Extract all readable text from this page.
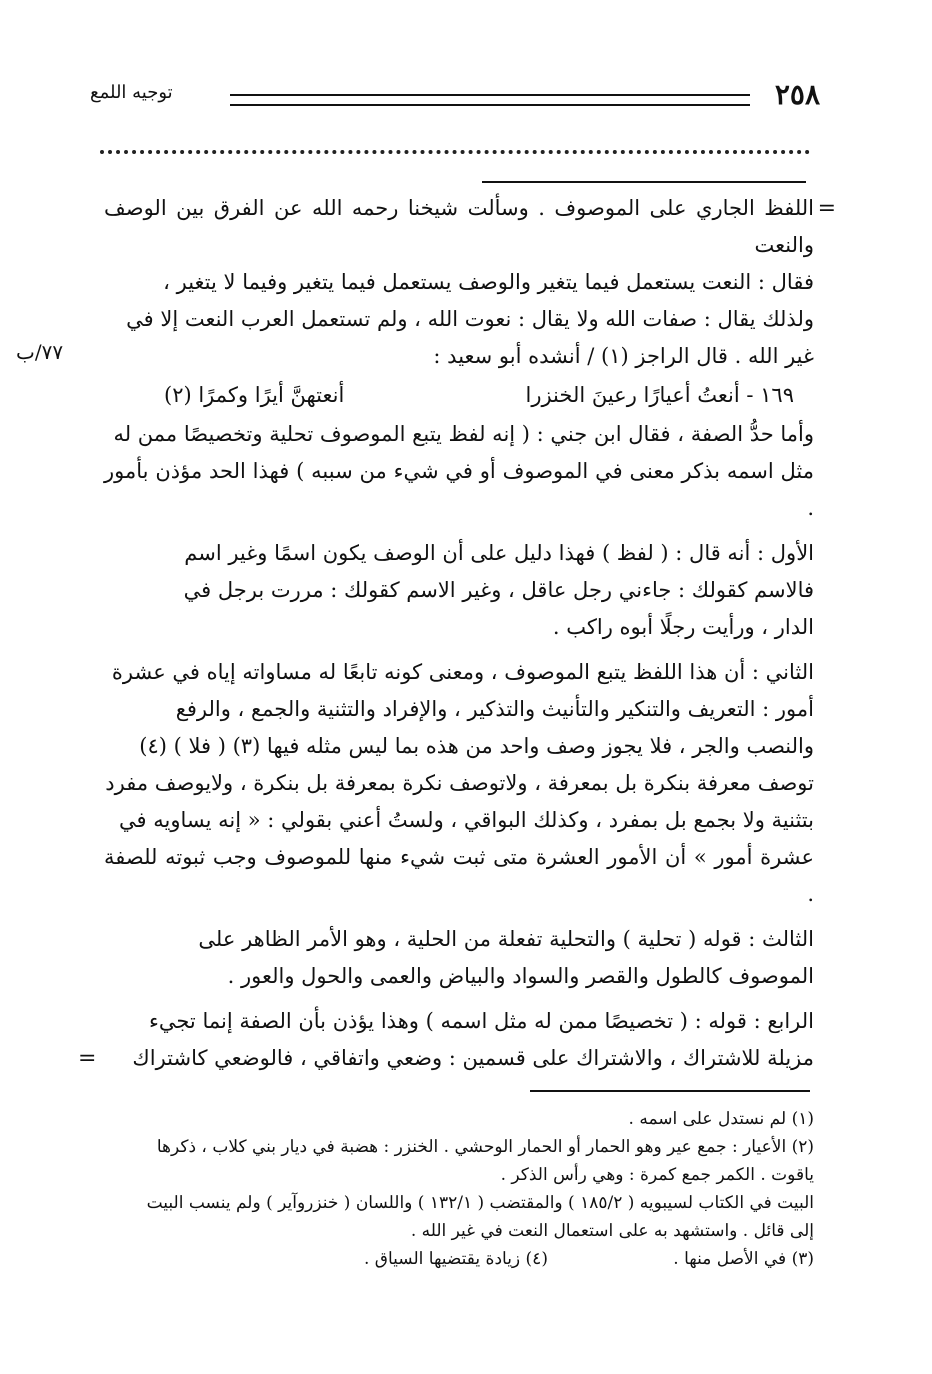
٢٥٨
توجيه اللمع
٧٧/ب

=
اللفظ الجاري على الموصوف . وسألت شيخنا رحمه الله عن الفرق بين الوصف والنعت

فقال : النعت يستعمل فيما يتغير والوصف يستعمل فيما يتغير وفيما لا يتغير ،

ولذلك يقال : صفات الله ولا يقال : نعوت الله ، ولم تستعمل العرب النعت إلا في

غير الله . قال الراجز (١) / أنشده أبو سعيد :

١٦٩ - أنعتُ أعيارًا رعينَ الخنزرا
أنعتهنَّ أيرًا وكمرًا (٢)

وأما حدُّ الصفة ، فقال ابن جني : ( إنه لفظ يتبع الموصوف تحلية وتخصيصًا ممن له

مثل اسمه بذكر معنى في الموصوف أو في شيء من سببه ) فهذا الحد مؤذن بأمور .

الأول : أنه قال : ( لفظ ) فهذا دليل على أن الوصف يكون اسمًا وغير اسم

فالاسم كقولك : جاءني رجل عاقل ، وغير الاسم كقولك : مررت برجل في

الدار ، ورأيت رجلًا أبوه راكب .

الثاني : أن هذا اللفظ يتبع الموصوف ، ومعنى كونه تابعًا له مساواته إياه في عشرة

أمور : التعريف والتنكير والتأنيث والتذكير ، والإفراد والتثنية والجمع ، والرفع

والنصب والجر ، فلا يجوز وصف واحد من هذه بما ليس مثله فيها (٣) ( فلا ) (٤)

توصف معرفة بنكرة بل بمعرفة ، ولاتوصف نكرة بمعرفة بل بنكرة ، ولايوصف مفرد

بتثنية ولا بجمع بل بمفرد ، وكذلك البواقي ، ولستُ أعني بقولي : « إنه يساويه في

عشرة أمور » أن الأمور العشرة متى ثبت شيء منها للموصوف وجب ثبوته للصفة .

الثالث : قوله ( تحلية ) والتحلية تفعلة من الحلية ، وهو الأمر الظاهر على

الموصوف كالطول والقصر والسواد والبياض والعمى والحول والعور .

الرابع : قوله : ( تخصيصًا ممن له مثل اسمه ) وهذا يؤذن بأن الصفة إنما تجيء

مزيلة للاشتراك ، والاشتراك على قسمين : وضعي واتفاقي ، فالوضعي كاشتراك
=

(١) لم نستدل على اسمه .

(٢) الأعيار : جمع عير وهو الحمار أو الحمار الوحشي . الخنزر : هضبة في ديار بني كلاب ، ذكرها

ياقوت . الكمر جمع كمرة : وهي رأس الذكر .

البيت في الكتاب لسيبويه ( ١٨٥/٢ ) والمقتضب ( ١٣٢/١ ) واللسان ( خنزروآير ) ولم ينسب البيت

إلى قائل . واستشهد به على استعمال النعت في غير الله .

(٣) في الأصل منها .
(٤) زيادة يقتضيها السياق .
